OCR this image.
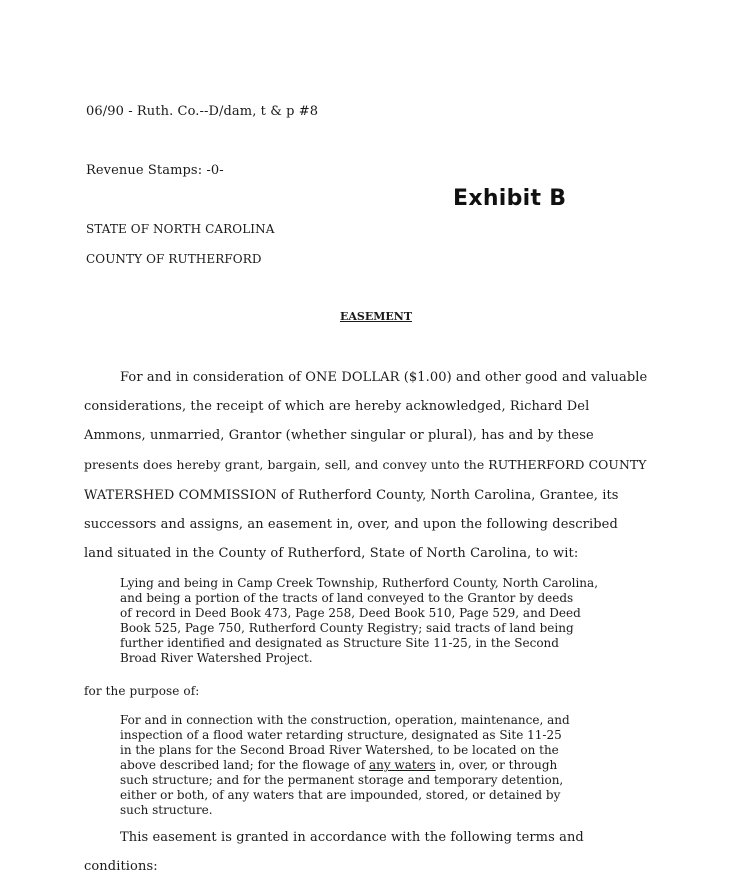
06/90 - Ruth. Co.--D/dam, t & p #8
Revenue Stamps: -0-
Exhibit B
STATE OF NORTH CAROLINA
COUNTY OF RUTHERFORD
EASEMENT
For and in consideration of ONE DOLLAR ($1.00) and other good and valuable
considerations, the receipt of which are hereby acknowledged, Richard Del
Ammons, unmarried, Grantor (whether singular or plural), has and by these
presents does hereby grant, bargain, sell, and convey unto the RUTHERFORD COUNTY
WATERSHED COMMISSION of Rutherford County, North Carolina, Grantee, its
successors and assigns, an easement in, over, and upon the following described
land situated in the County of Rutherford, State of North Carolina, to wit:
Lying and being in Camp Creek Township, Rutherford County, North Carolina,
and being a portion of the tracts of land conveyed to the Grantor by deeds
of record in Deed Book 473, Page 258, Deed Book 510, Page 529, and Deed
Book 525, Page 750, Rutherford County Registry; said tracts of land being
further identified and designated as Structure Site 11-25, in the Second
Broad River Watershed Project.
for the purpose of:
For and in connection with the construction, operation, maintenance, and
inspection of a flood water retarding structure, designated as Site 11-25
in the plans for the Second Broad River Watershed, to be located on the
above described land; for the flowage of any waters in, over, or through
such structure; and for the permanent storage and temporary detention,
either or both, of any waters that are impounded, stored, or detained by
such structure.
This easement is granted in accordance with the following terms and
conditions:
